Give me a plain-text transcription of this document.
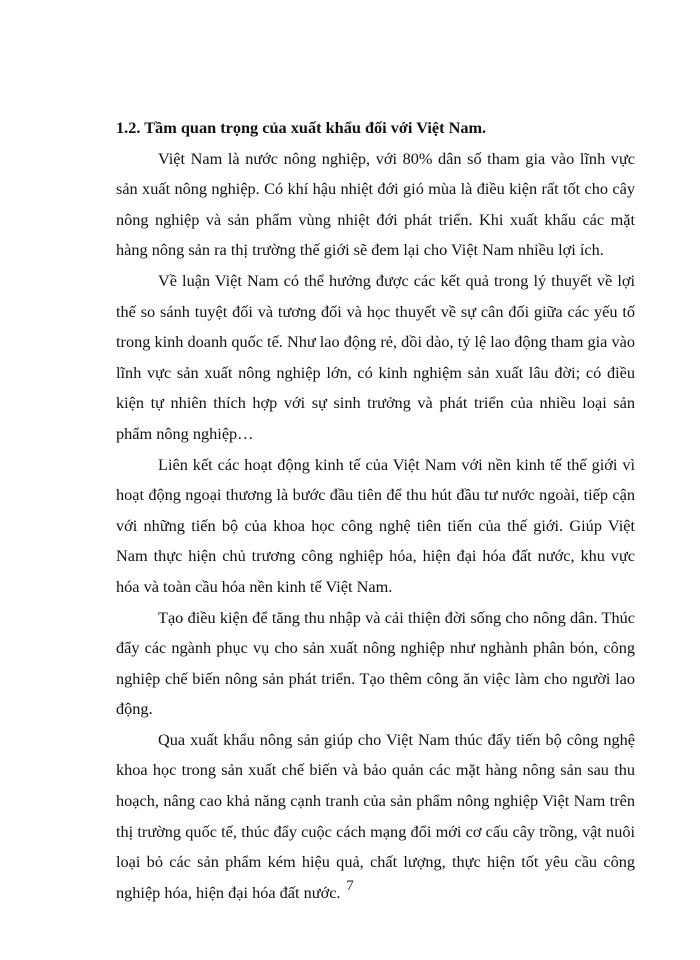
1.2. Tầm quan trọng của xuất khẩu đối với Việt Nam.

Việt Nam là nước nông nghiệp, với 80% dân số tham gia vào lĩnh vực sản xuất nông nghiệp. Có khí hậu nhiệt đới gió mùa là điều kiện rất tốt cho cây nông nghiệp và sản phẩm vùng nhiệt đới phát triển. Khi xuất khẩu các mặt hàng nông sản ra thị trường thế giới sẽ đem lại cho Việt Nam nhiều lợi ích.

Về luận Việt Nam có thể hưởng được các kết quả trong lý thuyết về lợi thế so sánh tuyệt đối và tương đối và học thuyết về sự cân đối giữa các yếu tố trong kinh doanh quốc tế. Như lao động rẻ, dồi dào, tỷ lệ lao động tham gia vào lĩnh vực sản xuất nông nghiệp lớn, có kinh nghiệm sản xuất lâu đời; có điều kiện tự nhiên thích hợp với sự sinh trưởng và phát triển của nhiều loại sản phẩm nông nghiệp…

Liên kết các hoạt động kinh tế của Việt Nam với nền kinh tế thế giới vì hoạt động ngoại thương là bước đầu tiên để thu hút đầu tư nước ngoài, tiếp cận với những tiến bộ của khoa học công nghệ tiên tiến của thế giới. Giúp Việt Nam thực hiện chủ trương công nghiệp hóa, hiện đại hóa đất nước, khu vực hóa và toàn cầu hóa nền kinh tế Việt Nam.

Tạo điều kiện để tăng thu nhập và cải thiện đời sống cho nông dân. Thúc đẩy các ngành phục vụ cho sản xuất nông nghiệp như nghành phân bón, công nghiệp chế biến nông sản phát triển. Tạo thêm công ăn việc làm cho người lao động.

Qua xuất khẩu nông sản giúp cho Việt Nam thúc đẩy tiến bộ công nghệ khoa học trong sản xuất chế biến và bảo quản các mặt hàng nông sản sau thu hoạch, nâng cao khả năng cạnh tranh của sản phẩm nông nghiệp Việt Nam trên thị trường quốc tế, thúc đẩy cuộc cách mạng đổi mới cơ cấu cây trồng, vật nuôi loại bỏ các sản phẩm kém hiệu quả, chất lượng, thực hiện tốt yêu cầu công nghiệp hóa, hiện đại hóa đất nước. 7
